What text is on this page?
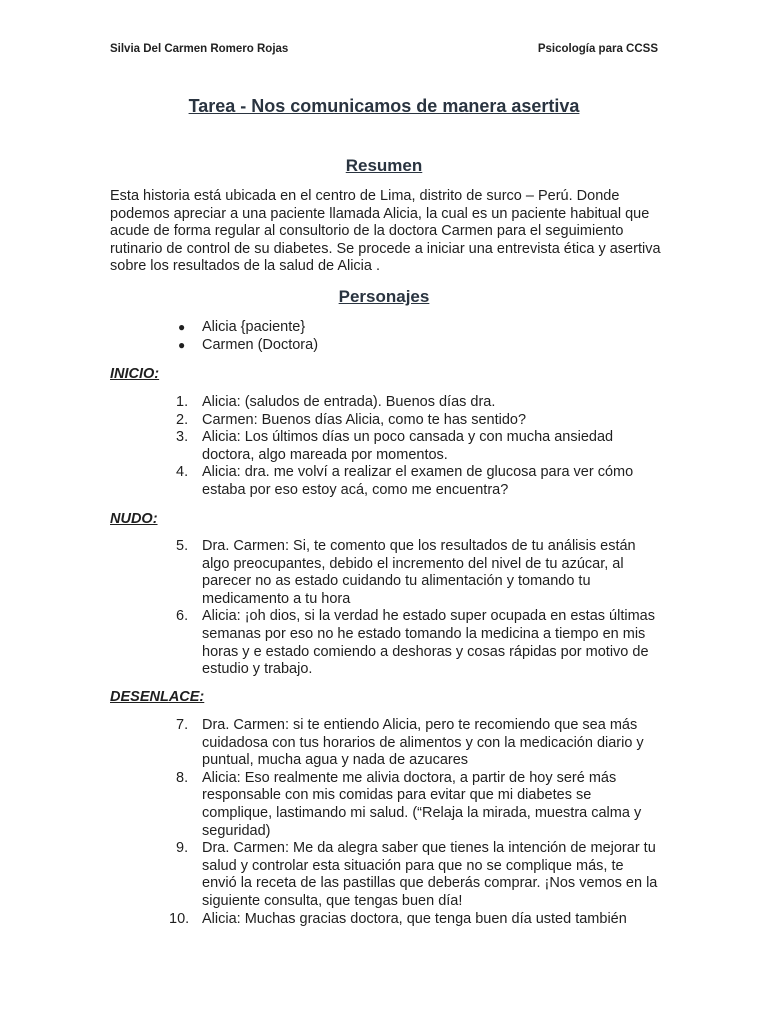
Silvia Del Carmen Romero Rojas	Psicología para CCSS
Tarea - Nos comunicamos de manera asertiva
Resumen

Esta historia está ubicada en el centro de Lima, distrito de surco – Perú. Donde podemos apreciar a una paciente llamada Alicia, la cual es un paciente habitual que acude de forma regular al consultorio de la doctora Carmen para el seguimiento rutinario de control de su diabetes. Se procede a iniciar una entrevista ética y asertiva sobre los resultados de la salud de Alicia .

Personajes
● Alicia {paciente}
● Carmen (Doctora)
INICIO:
1. Alicia: (saludos de entrada). Buenos días dra.
2. Carmen: Buenos días Alicia, como te has sentido?
3. Alicia: Los últimos días un poco cansada y con mucha ansiedad doctora, algo mareada por momentos.
4. Alicia: dra. me volví a realizar el examen de glucosa para ver cómo estaba por eso estoy acá, como me encuentra?
NUDO:
5. Dra. Carmen: Si, te comento que los resultados de tu análisis están algo preocupantes, debido el incremento del nivel de tu azúcar, al parecer no as estado cuidando tu alimentación y tomando tu medicamento a tu hora
6. Alicia: ¡oh dios, si la verdad he estado super ocupada en estas últimas semanas por eso no he estado tomando la medicina a tiempo en mis horas y e estado comiendo a deshoras y cosas rápidas por motivo de estudio y trabajo.
DESENLACE:
7. Dra. Carmen: si te entiendo Alicia, pero te recomiendo que sea más cuidadosa con tus horarios de alimentos y con la medicación diario y puntual, mucha agua y nada de azucares
8. Alicia: Eso realmente me alivia doctora, a partir de hoy seré más responsable con mis comidas para evitar que mi diabetes se complique, lastimando mi salud. (“Relaja la mirada, muestra calma y seguridad)
9. Dra. Carmen: Me da alegra saber que tienes la intención de mejorar tu salud y controlar esta situación para que no se complique más, te envió la receta de las pastillas que deberás comprar. ¡Nos vemos en la siguiente consulta, que tengas buen día!
10. Alicia: Muchas gracias doctora, que tenga buen día usted también
